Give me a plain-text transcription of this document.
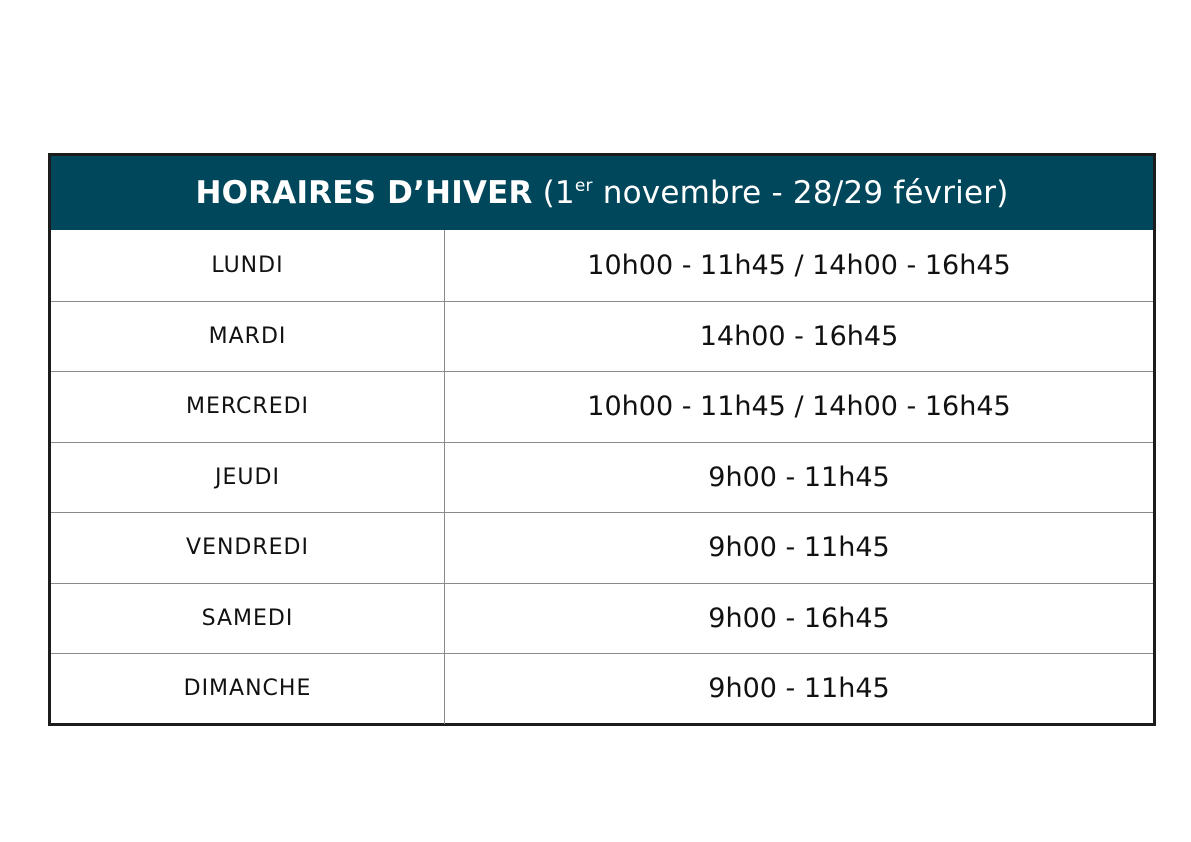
HORAIRES D’HIVER (1er novembre - 28/29 février)
LUNDI	10h00 - 11h45 / 14h00 - 16h45
MARDI	14h00 - 16h45
MERCREDI	10h00 - 11h45 / 14h00 - 16h45
JEUDI	9h00 - 11h45
VENDREDI	9h00 - 11h45
SAMEDI	9h00 - 16h45
DIMANCHE	9h00 - 11h45
